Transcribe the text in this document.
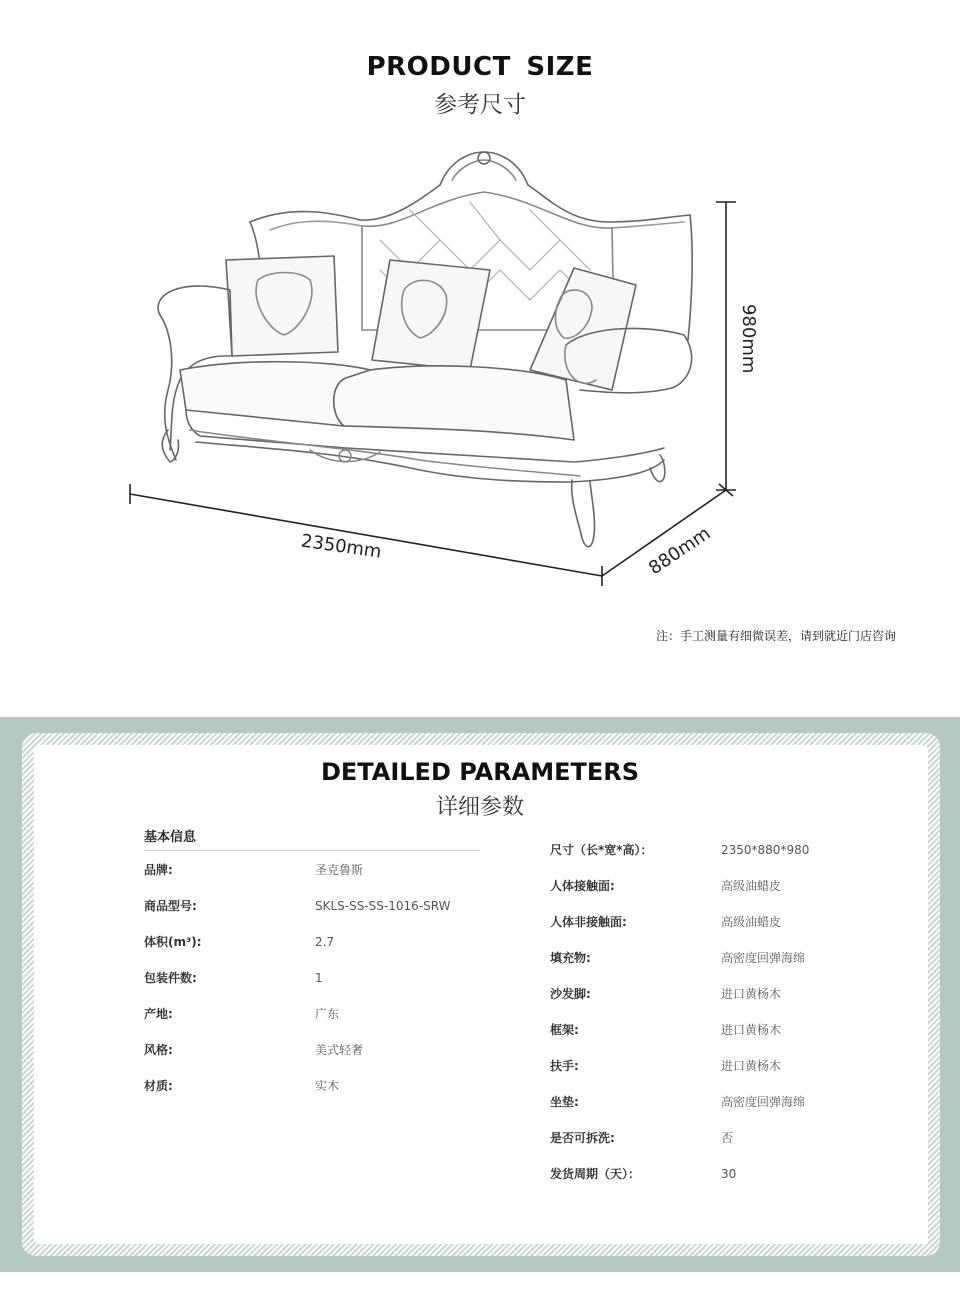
PRODUCT SIZE
参考尺寸
2350mm	880mm
980mm
注：手工测量有细微误差，请到就近门店咨询
DETAILED PARAMETERS
详细参数
基本信息
品牌:	圣克鲁斯
商品型号:	SKLS-SS-SS-1016-SRW
体积(m³):	2.7
包装件数:	1
产地:	广东
风格:	美式轻奢
材质:	实木
尺寸（长*宽*高）：	2350*880*980
人体接触面:	高级油蜡皮
人体非接触面:	高级油蜡皮
填充物:	高密度回弹海绵
沙发脚:	进口黄杨木
框架:	进口黄杨木
扶手:	进口黄杨木
坐垫:	高密度回弹海绵
是否可拆洗:	否
发货周期（天）：	30
